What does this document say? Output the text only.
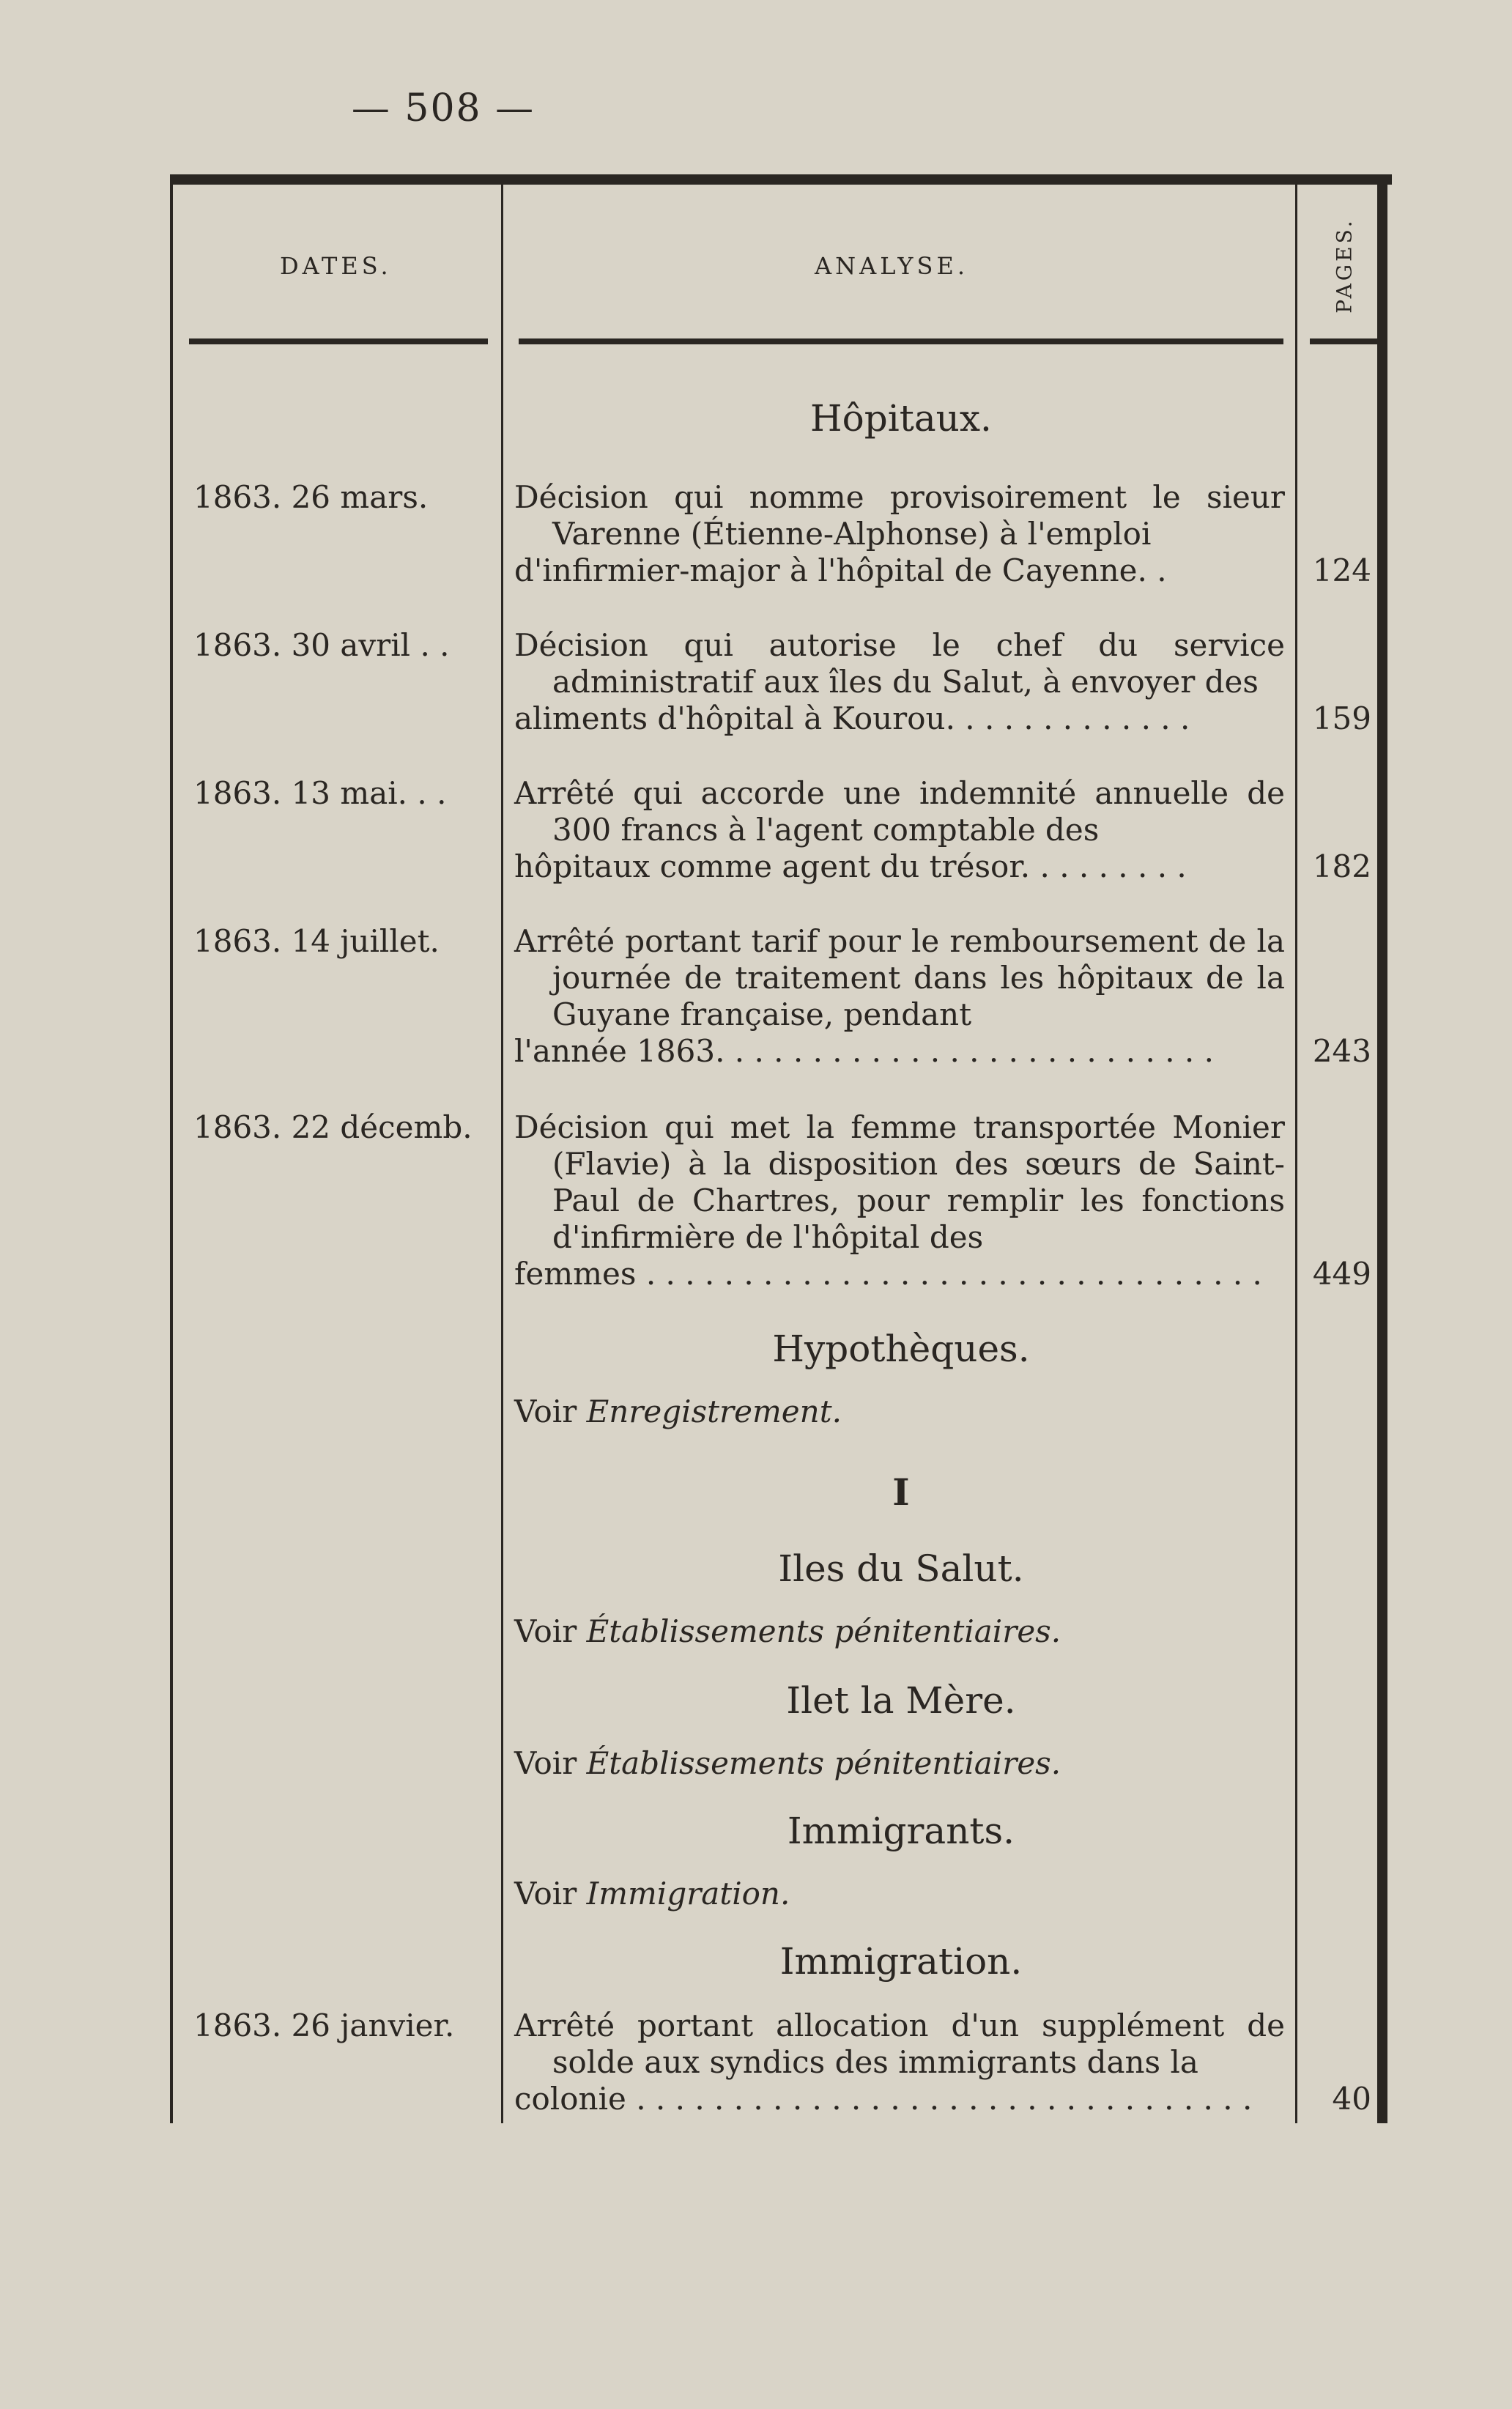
— 508 —
DATES.	ANALYSE.	PAGES.
Hôpitaux.
1863. 26 mars.	Décision qui nomme provisoirement le sieur Varenne (Étienne-Alphonse) à l'emploi
d'infirmier-major à l'hôpital de Cayenne. .	124
1863. 30 avril . . Décision qui autorise le chef du service administratif aux îles du Salut, à envoyer des
aliments d'hôpital à Kourou. . . . . . . . . . . . .	159
1863. 13 mai. . . Arrêté qui accorde une indemnité annuelle de 300 francs à l'agent comptable des
hôpitaux comme agent du trésor. . . . . . . . .	182
1863. 14 juillet. Arrêté portant tarif pour le remboursement de la journée de traitement dans les hôpitaux de la Guyane française, pendant
l'année 1863. . . . . . . . . . . . . . . . . . . . . . . . . .	243
1863. 22 décemb. Décision qui met la femme transportée Monier (Flavie) à la disposition des sœurs de Saint-Paul de Chartres, pour remplir les fonctions d'infirmière de l'hôpital des
femmes . . . . . . . . . . . . . . . . . . . . . . . . . . . . . . . .	449
Hypothèques.
Voir Enregistrement.
I
Iles du Salut.
Voir Établissements pénitentiaires.
Ilet la Mère.
Voir Établissements pénitentiaires.
Immigrants.
Voir Immigration.
Immigration.
1863. 26 janvier. Arrêté portant allocation d'un supplément de solde aux syndics des immigrants dans la
colonie . . . . . . . . . . . . . . . . . . . . . . . . . . . . . . . .	40
